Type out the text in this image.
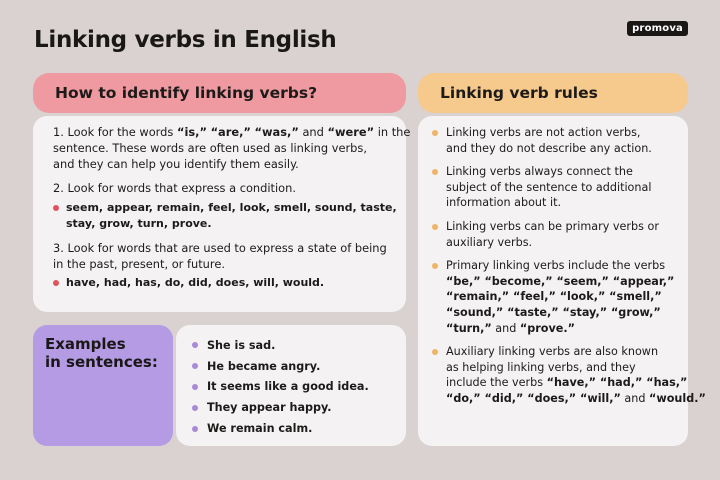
Linking verbs in English	promova
How to identify linking verbs?	Linking verb rules
1. Look for the words “is,” “are,” “was,” and “were” in the
sentence. These words are often used as linking verbs,
and they can help you identify them easily.
2. Look for words that express a condition.
seem, appear, remain, feel, look, smell, sound, taste,
stay, grow, turn, prove.
3. Look for words that are used to express a state of being
in the past, present, or future.
have, had, has, do, did, does, will, would.
Examples
in sentences:
She is sad.
He became angry.
It seems like a good idea.
They appear happy.
We remain calm.
Linking verbs are not action verbs,
and they do not describe any action.
Linking verbs always connect the
subject of the sentence to additional
information about it.
Linking verbs can be primary verbs or
auxiliary verbs.
Primary linking verbs include the verbs
“be,” “become,” “seem,” “appear,”
“remain,” “feel,” “look,” “smell,”
“sound,” “taste,” “stay,” “grow,”
“turn,” and “prove.”
Auxiliary linking verbs are also known
as helping linking verbs, and they
include the verbs “have,” “had,” “has,”
“do,” “did,” “does,” “will,” and “would.”
